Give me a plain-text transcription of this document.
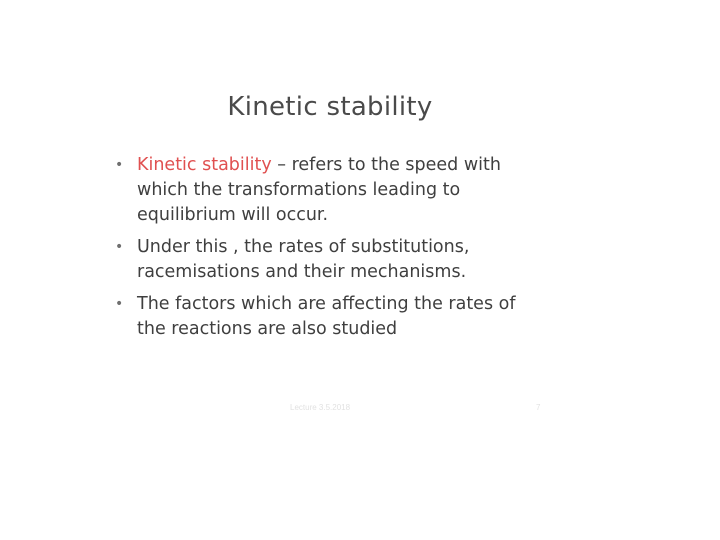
Kinetic stability
• Kinetic stability – refers to the speed with which the transformations leading to equilibrium will occur.
• Under this , the rates of substitutions, racemisations and their mechanisms.
• The factors which are affecting the rates of the reactions are also studied
Lecture 3.5.2018	7
